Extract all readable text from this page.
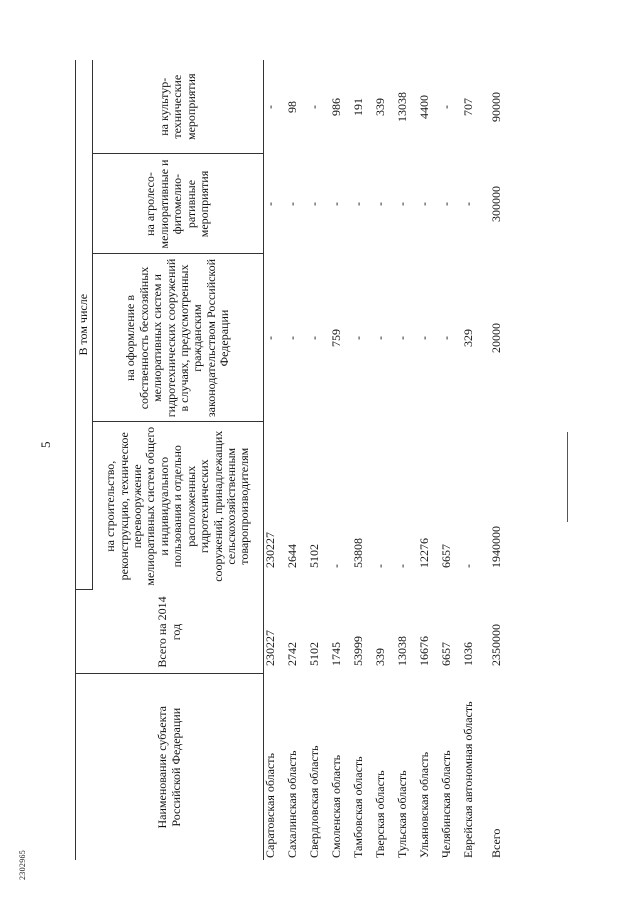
5
2302965
Наименование субъекта Российской Федерации	Всего на 2014 год	В том числе			
		на строительство, реконструкцию, техническое перевооружение мелиоративных систем общего и индивидуального пользования и отдельно расположенных гидротехнических сооружений, принадлежащих сельскохозяйственным товаропроизводителям	на оформление в собственность бесхозяйных мелиоративных систем и гидротехнических сооружений в случаях, предусмотренных гражданским законодательством Российской Федерации	на агролесо-мелиоративные и фитомелио-ративные мероприятия	на культур-технические мероприятия
Саратовская область	230227	230227	-	-	-
Сахалинская область	2742	2644	-	-	98
Свердловская область	5102	5102	-	-	-
Смоленская область	1745	-	759	-	986
Тамбовская область	53999	53808	-	-	191
Тверская область	339	-	-	-	339
Тульская область	13038	-	-	-	13038
Ульяновская область	16676	12276	-	-	4400
Челябинская область	6657	6657	-	-	-
Еврейская автономная область	1036	-	329	-	707
Всего	2350000	1940000	20000	300000	90000
